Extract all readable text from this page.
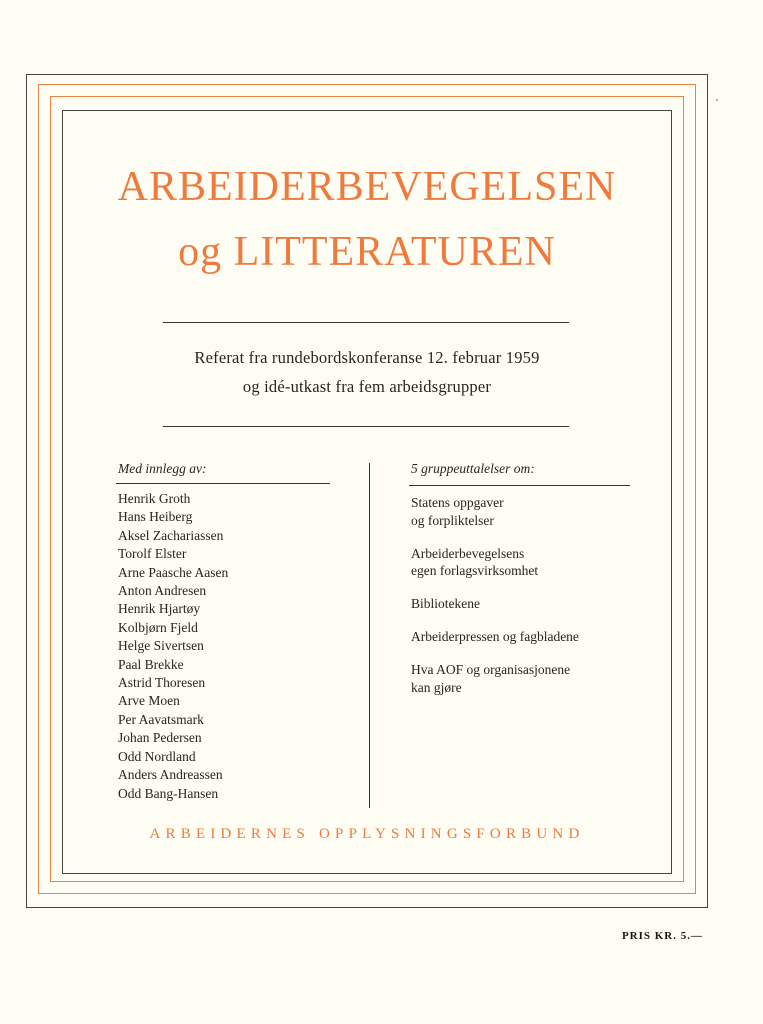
ARBEIDERBEVEGELSEN
og LITTERATUREN
Referat fra rundebordskonferanse 12. februar 1959
og idé-utkast fra fem arbeidsgrupper
Med innlegg av:	5 gruppeuttalelser om:
Henrik Groth
Hans Heiberg
Aksel Zachariassen
Torolf Elster
Arne Paasche Aasen
Anton Andresen
Henrik Hjartøy
Kolbjørn Fjeld
Helge Sivertsen
Paal Brekke
Astrid Thoresen
Arve Moen
Per Aavatsmark
Johan Pedersen
Odd Nordland
Anders Andreassen
Odd Bang-Hansen
Statens oppgaver
og forpliktelser
Arbeiderbevegelsens
egen forlagsvirksomhet
Bibliotekene
Arbeiderpressen og fagbladene
Hva AOF og organisasjonene
kan gjøre
ARBEIDERNES OPPLYSNINGSFORBUND
PRIS KR. 5.—
